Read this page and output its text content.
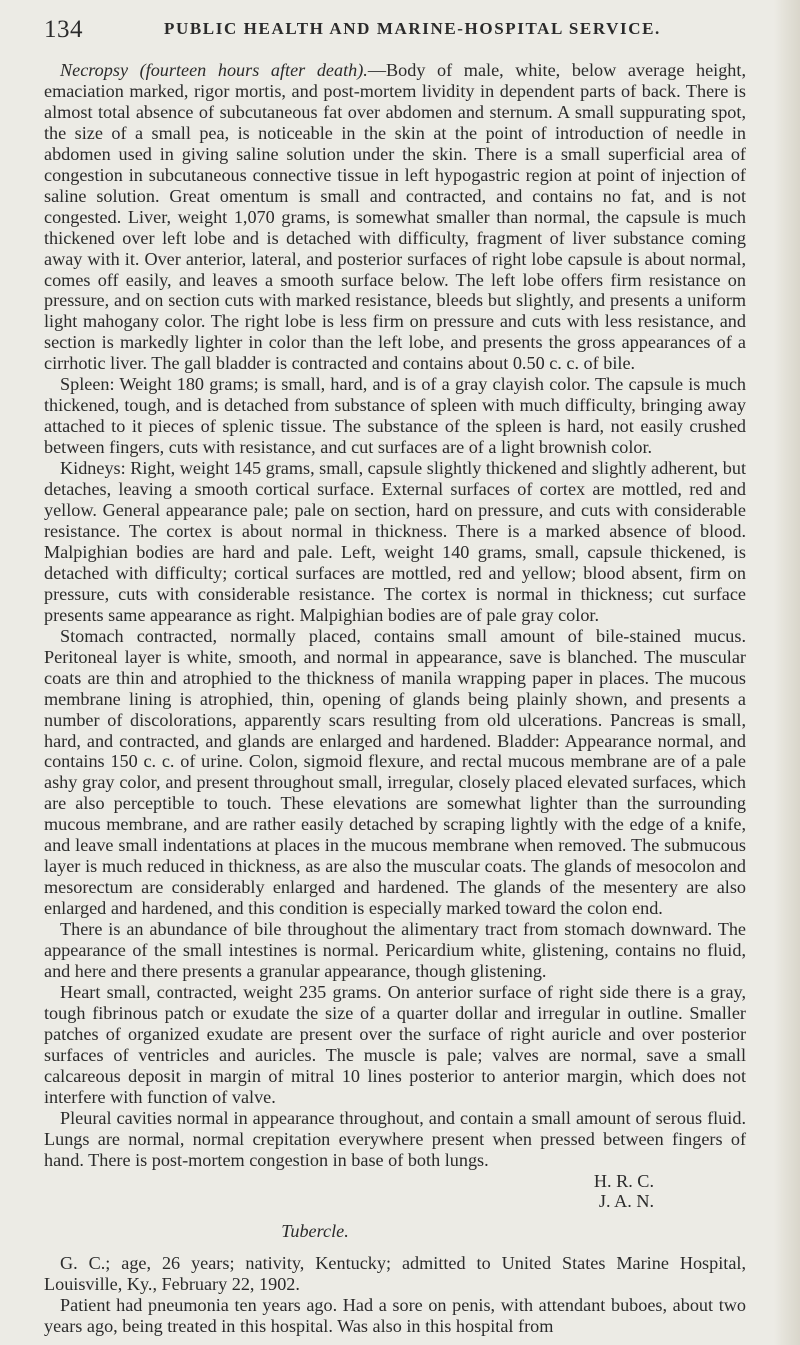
134	PUBLIC HEALTH AND MARINE-HOSPITAL SERVICE.

Necropsy (fourteen hours after death).—Body of male, white, below average height, emaciation marked, rigor mortis, and post-mortem lividity in dependent parts of back. There is almost total absence of subcutaneous fat over abdomen and sternum. A small suppurating spot, the size of a small pea, is noticeable in the skin at the point of introduction of needle in abdomen used in giving saline solution under the skin. There is a small superficial area of congestion in subcutaneous connective tissue in left hypogastric region at point of injection of saline solution. Great omentum is small and contracted, and contains no fat, and is not congested. Liver, weight 1,070 grams, is somewhat smaller than normal, the capsule is much thickened over left lobe and is detached with difficulty, fragment of liver substance coming away with it. Over anterior, lateral, and posterior surfaces of right lobe capsule is about normal, comes off easily, and leaves a smooth surface below. The left lobe offers firm resistance on pressure, and on section cuts with marked resistance, bleeds but slightly, and presents a uniform light mahogany color. The right lobe is less firm on pressure and cuts with less resistance, and section is markedly lighter in color than the left lobe, and presents the gross appearances of a cirrhotic liver. The gall bladder is contracted and contains about 0.50 c. c. of bile.

Spleen: Weight 180 grams; is small, hard, and is of a gray clayish color. The capsule is much thickened, tough, and is detached from substance of spleen with much difficulty, bringing away attached to it pieces of splenic tissue. The substance of the spleen is hard, not easily crushed between fingers, cuts with resistance, and cut surfaces are of a light brownish color.

Kidneys: Right, weight 145 grams, small, capsule slightly thickened and slightly adherent, but detaches, leaving a smooth cortical surface. External surfaces of cortex are mottled, red and yellow. General appearance pale; pale on section, hard on pressure, and cuts with considerable resistance. The cortex is about normal in thickness. There is a marked absence of blood. Malpighian bodies are hard and pale. Left, weight 140 grams, small, capsule thickened, is detached with difficulty; cortical surfaces are mottled, red and yellow; blood absent, firm on pressure, cuts with considerable resistance. The cortex is normal in thickness; cut surface presents same appearance as right. Malpighian bodies are of pale gray color.

Stomach contracted, normally placed, contains small amount of bile-stained mucus. Peritoneal layer is white, smooth, and normal in appearance, save is blanched. The muscular coats are thin and atrophied to the thickness of manila wrapping paper in places. The mucous membrane lining is atrophied, thin, opening of glands being plainly shown, and presents a number of discolorations, apparently scars resulting from old ulcerations. Pancreas is small, hard, and contracted, and glands are enlarged and hardened. Bladder: Appearance normal, and contains 150 c. c. of urine. Colon, sigmoid flexure, and rectal mucous membrane are of a pale ashy gray color, and present throughout small, irregular, closely placed elevated surfaces, which are also perceptible to touch. These elevations are somewhat lighter than the surrounding mucous membrane, and are rather easily detached by scraping lightly with the edge of a knife, and leave small indentations at places in the mucous membrane when removed. The submucous layer is much reduced in thickness, as are also the muscular coats. The glands of mesocolon and mesorectum are considerably enlarged and hardened. The glands of the mesentery are also enlarged and hardened, and this condition is especially marked toward the colon end.

There is an abundance of bile throughout the alimentary tract from stomach downward. The appearance of the small intestines is normal. Pericardium white, glistening, contains no fluid, and here and there presents a granular appearance, though glistening.

Heart small, contracted, weight 235 grams. On anterior surface of right side there is a gray, tough fibrinous patch or exudate the size of a quarter dollar and irregular in outline. Smaller patches of organized exudate are present over the surface of right auricle and over posterior surfaces of ventricles and auricles. The muscle is pale; valves are normal, save a small calcareous deposit in margin of mitral 10 lines posterior to anterior margin, which does not interfere with function of valve.

Pleural cavities normal in appearance throughout, and contain a small amount of serous fluid. Lungs are normal, normal crepitation everywhere present when pressed between fingers of hand. There is post-mortem congestion in base of both lungs.

H. R. C.
J. A. N.
Tubercle.

G. C.; age, 26 years; nativity, Kentucky; admitted to United States Marine Hospital, Louisville, Ky., February 22, 1902.

Patient had pneumonia ten years ago. Had a sore on penis, with attendant buboes, about two years ago, being treated in this hospital. Was also in this hospital from
